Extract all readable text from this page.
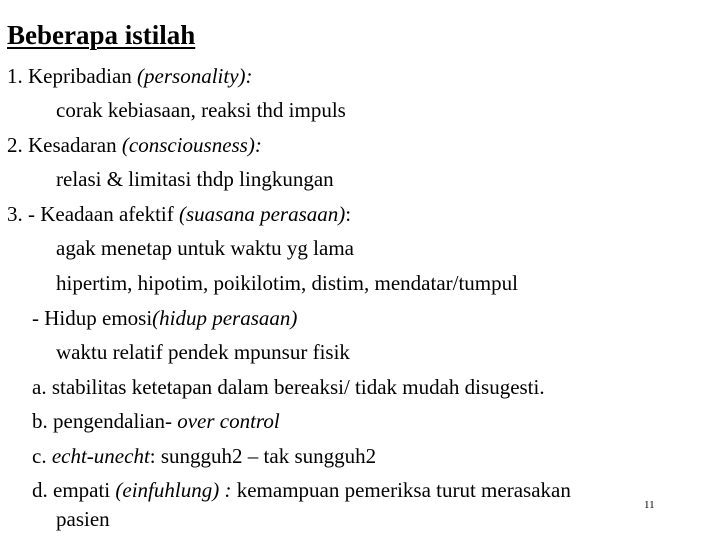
Beberapa istilah
1. Kepribadian (personality):
corak kebiasaan, reaksi thd impuls
2. Kesadaran (consciousness):
relasi & limitasi thdp lingkungan
3. - Keadaan afektif (suasana perasaan):
agak menetap untuk waktu yg lama
hipertim, hipotim, poikilotim, distim, mendatar/tumpul
- Hidup emosi(hidup perasaan)
waktu relatif pendek mpunsur fisik
a. stabilitas ketetapan dalam bereaksi/ tidak mudah disugesti.
b. pengendalian- over control
c. echt-unecht: sungguh2 – tak sungguh2
d. empati (einfuhlung) : kemampuan pemeriksa turut merasakan
pasien
11
